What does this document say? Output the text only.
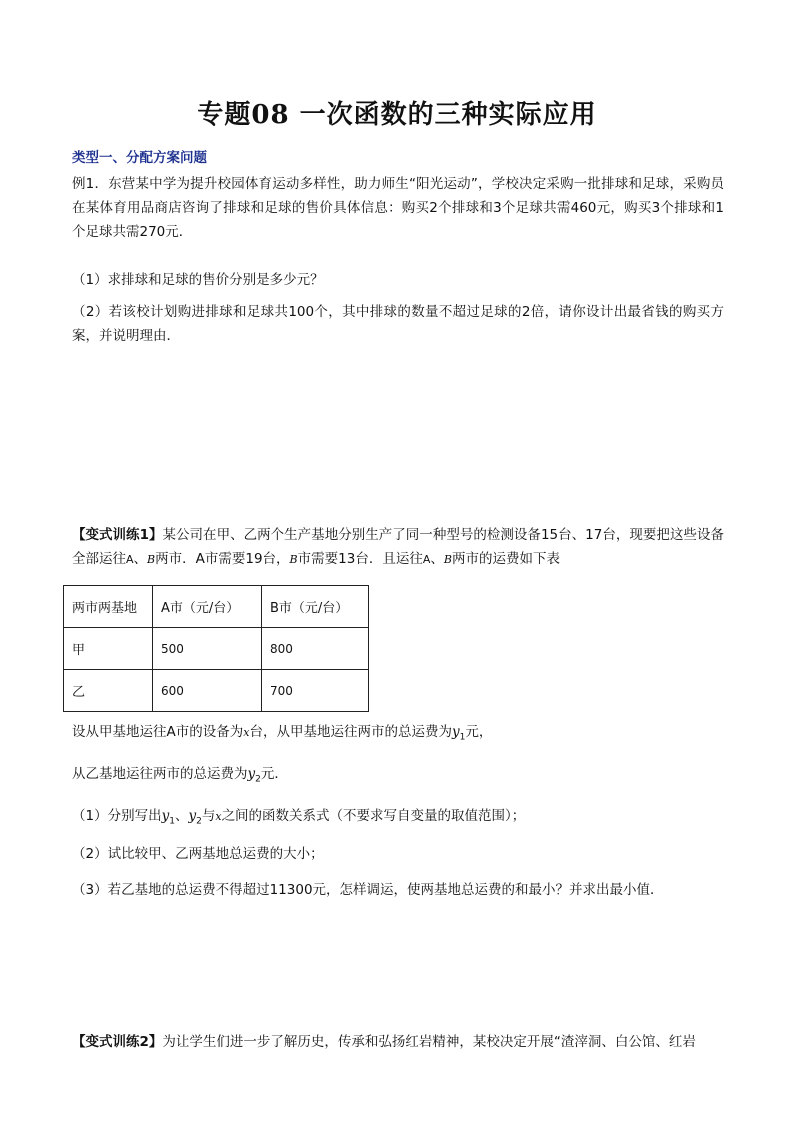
专题08 一次函数的三种实际应用

类型一、分配方案问题

例1．东营某中学为提升校园体育运动多样性，助力师生“阳光运动”，学校决定采购一批排球和足球，采购员在某体育用品商店咨询了排球和足球的售价具体信息：购买2个排球和3个足球共需460元，购买3个排球和1个足球共需270元．

（1）求排球和足球的售价分别是多少元？

（2）若该校计划购进排球和足球共100个，其中排球的数量不超过足球的2倍，请你设计出最省钱的购买方案，并说明理由．

【变式训练1】某公司在甲、乙两个生产基地分别生产了同一种型号的检测设备15台、17台，现要把这些设备全部运往A、B两市．A市需要19台，B市需要13台．且运往A、B两市的运费如下表

两市两基地	A市（元/台）	B市（元/台）
甲	500	800
乙	600	700

设从甲基地运往A市的设备为x台，从甲基地运往两市的总运费为$y_1$元，

从乙基地运往两市的总运费为$y_2$元．

（1）分别写出$y_1$、$y_2$与x之间的函数关系式（不要求写自变量的取值范围）；

（2）试比较甲、乙两基地总运费的大小；

（3）若乙基地的总运费不得超过11300元，怎样调运，使两基地总运费的和最小？并求出最小值．

【变式训练2】为让学生们进一步了解历史，传承和弘扬红岩精神，某校决定开展“渣滓洞、白公馆、红岩
